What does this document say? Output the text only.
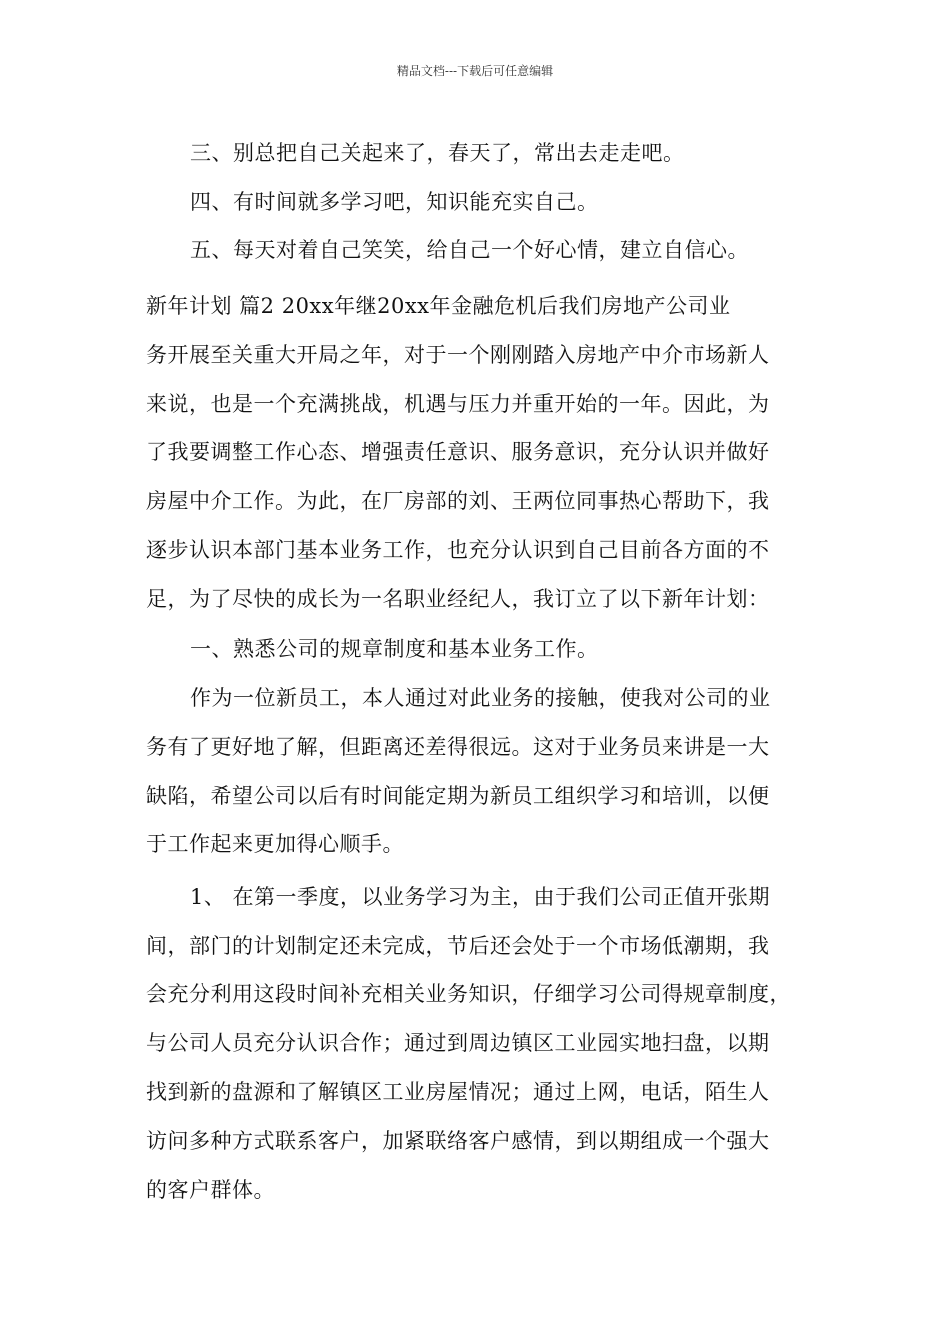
精品文档---下载后可任意编辑
三、别总把自己关起来了，春天了，常出去走走吧。
四、有时间就多学习吧，知识能充实自己。
五、每天对着自己笑笑，给自己一个好心情，建立自信心。
新年计划 篇2 20xx年继20xx年金融危机后我们房地产公司业
务开展至关重大开局之年，对于一个刚刚踏入房地产中介市场新人
来说，也是一个充满挑战，机遇与压力并重开始的一年。因此，为
了我要调整工作心态、增强责任意识、服务意识，充分认识并做好
房屋中介工作。为此，在厂房部的刘、王两位同事热心帮助下，我
逐步认识本部门基本业务工作，也充分认识到自己目前各方面的不
足，为了尽快的成长为一名职业经纪人，我订立了以下新年计划：
一、熟悉公司的规章制度和基本业务工作。
作为一位新员工，本人通过对此业务的接触，使我对公司的业
务有了更好地了解，但距离还差得很远。这对于业务员来讲是一大
缺陷，希望公司以后有时间能定期为新员工组织学习和培训，以便
于工作起来更加得心顺手。
1、 在第一季度，以业务学习为主，由于我们公司正值开张期
间，部门的计划制定还未完成，节后还会处于一个市场低潮期，我
会充分利用这段时间补充相关业务知识，仔细学习公司得规章制度，
与公司人员充分认识合作；通过到周边镇区工业园实地扫盘，以期
找到新的盘源和了解镇区工业房屋情况；通过上网，电话，陌生人
访问多种方式联系客户，加紧联络客户感情，到以期组成一个强大
的客户群体。
